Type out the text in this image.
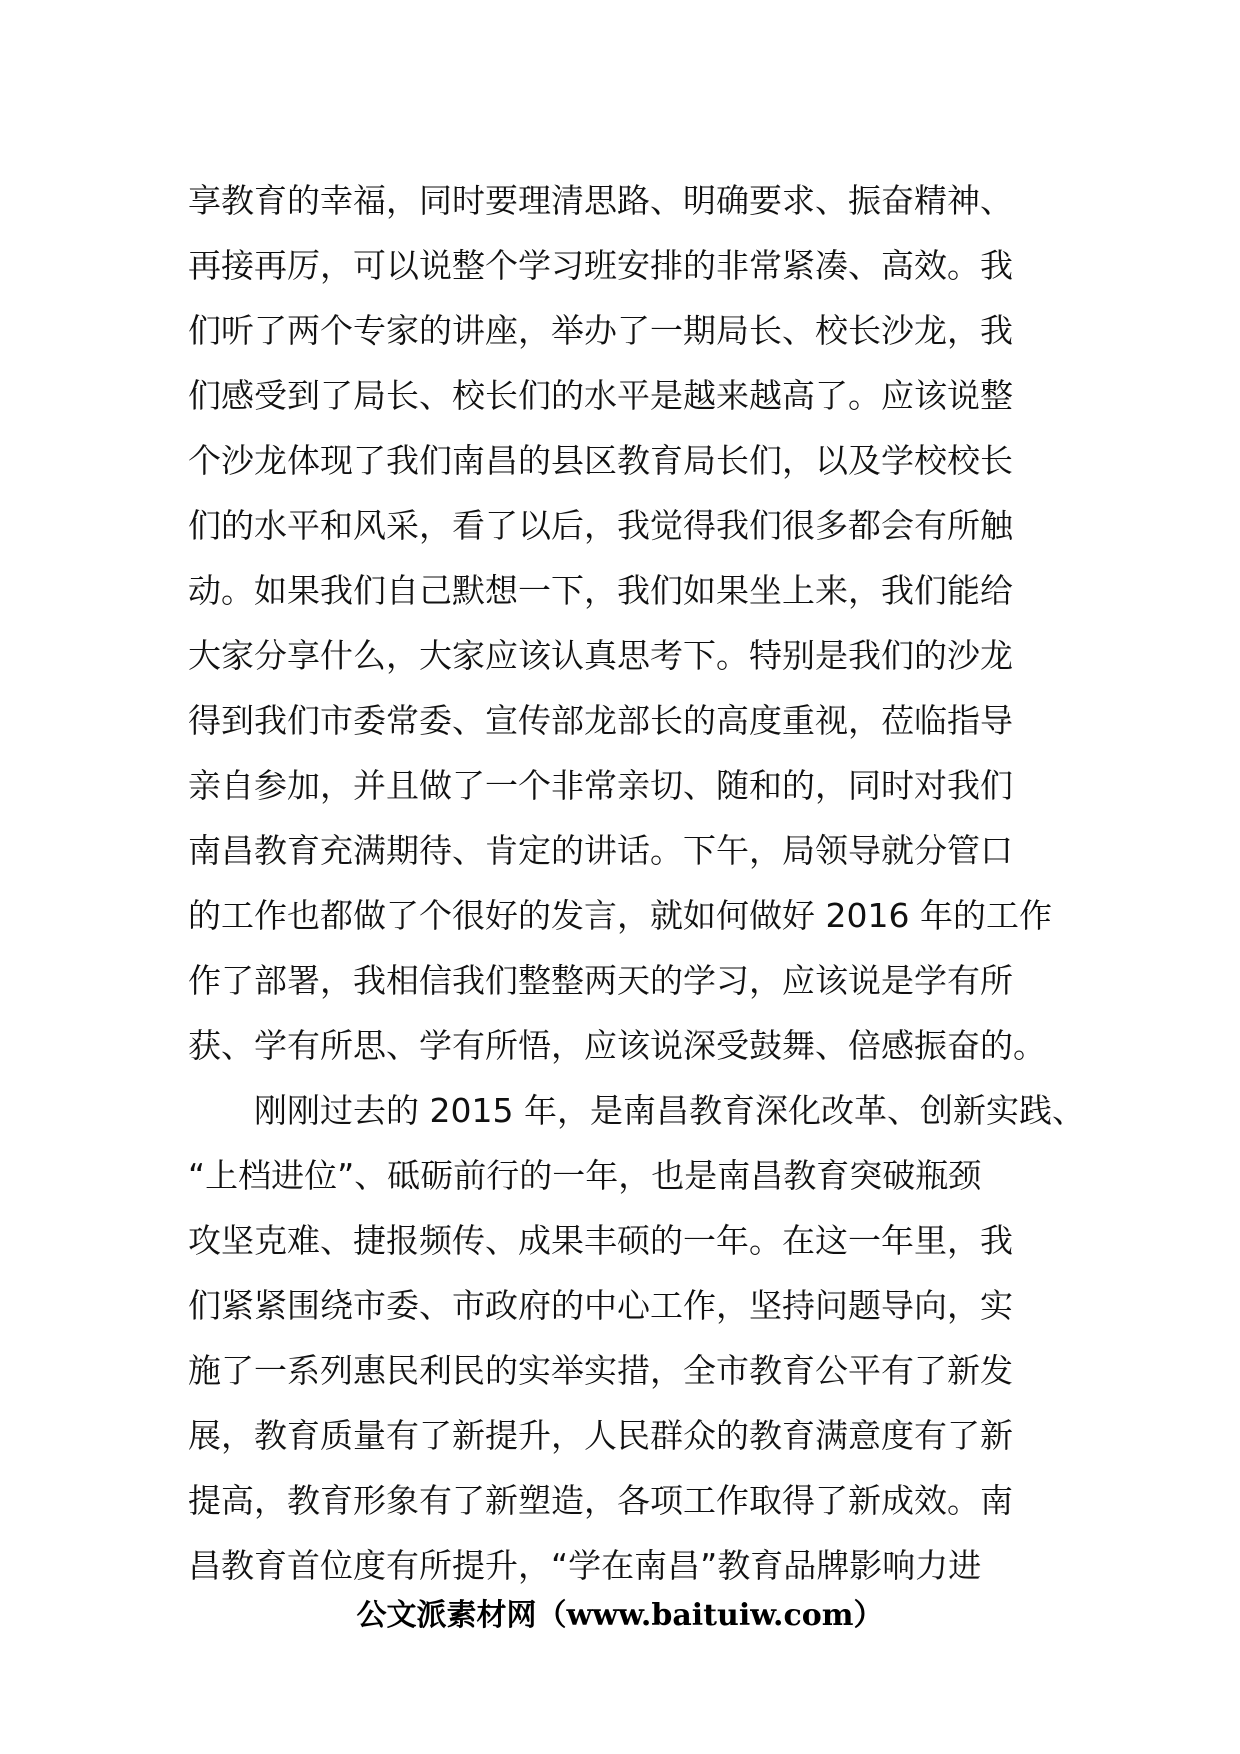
享教育的幸福，同时要理清思路、明确要求、振奋精神、
再接再厉，可以说整个学习班安排的非常紧凑、高效。我
们听了两个专家的讲座，举办了一期局长、校长沙龙，我
们感受到了局长、校长们的水平是越来越高了。应该说整
个沙龙体现了我们南昌的县区教育局长们，以及学校校长
们的水平和风采，看了以后，我觉得我们很多都会有所触
动。如果我们自己默想一下，我们如果坐上来，我们能给
大家分享什么，大家应该认真思考下。特别是我们的沙龙
得到我们市委常委、宣传部龙部长的高度重视，莅临指导
亲自参加，并且做了一个非常亲切、随和的，同时对我们
南昌教育充满期待、肯定的讲话。下午，局领导就分管口
的工作也都做了个很好的发言，就如何做好 2016 年的工作
作了部署，我相信我们整整两天的学习，应该说是学有所
获、学有所思、学有所悟，应该说深受鼓舞、倍感振奋的。
刚刚过去的 2015 年，是南昌教育深化改革、创新实践、
“上档进位”、砥砺前行的一年，也是南昌教育突破瓶颈
攻坚克难、捷报频传、成果丰硕的一年。在这一年里，我
们紧紧围绕市委、市政府的中心工作，坚持问题导向，实
施了一系列惠民利民的实举实措，全市教育公平有了新发
展，教育质量有了新提升，人民群众的教育满意度有了新
提高，教育形象有了新塑造，各项工作取得了新成效。南
昌教育首位度有所提升，“学在南昌”教育品牌影响力进
公文派素材网（www.baituiw.com）
